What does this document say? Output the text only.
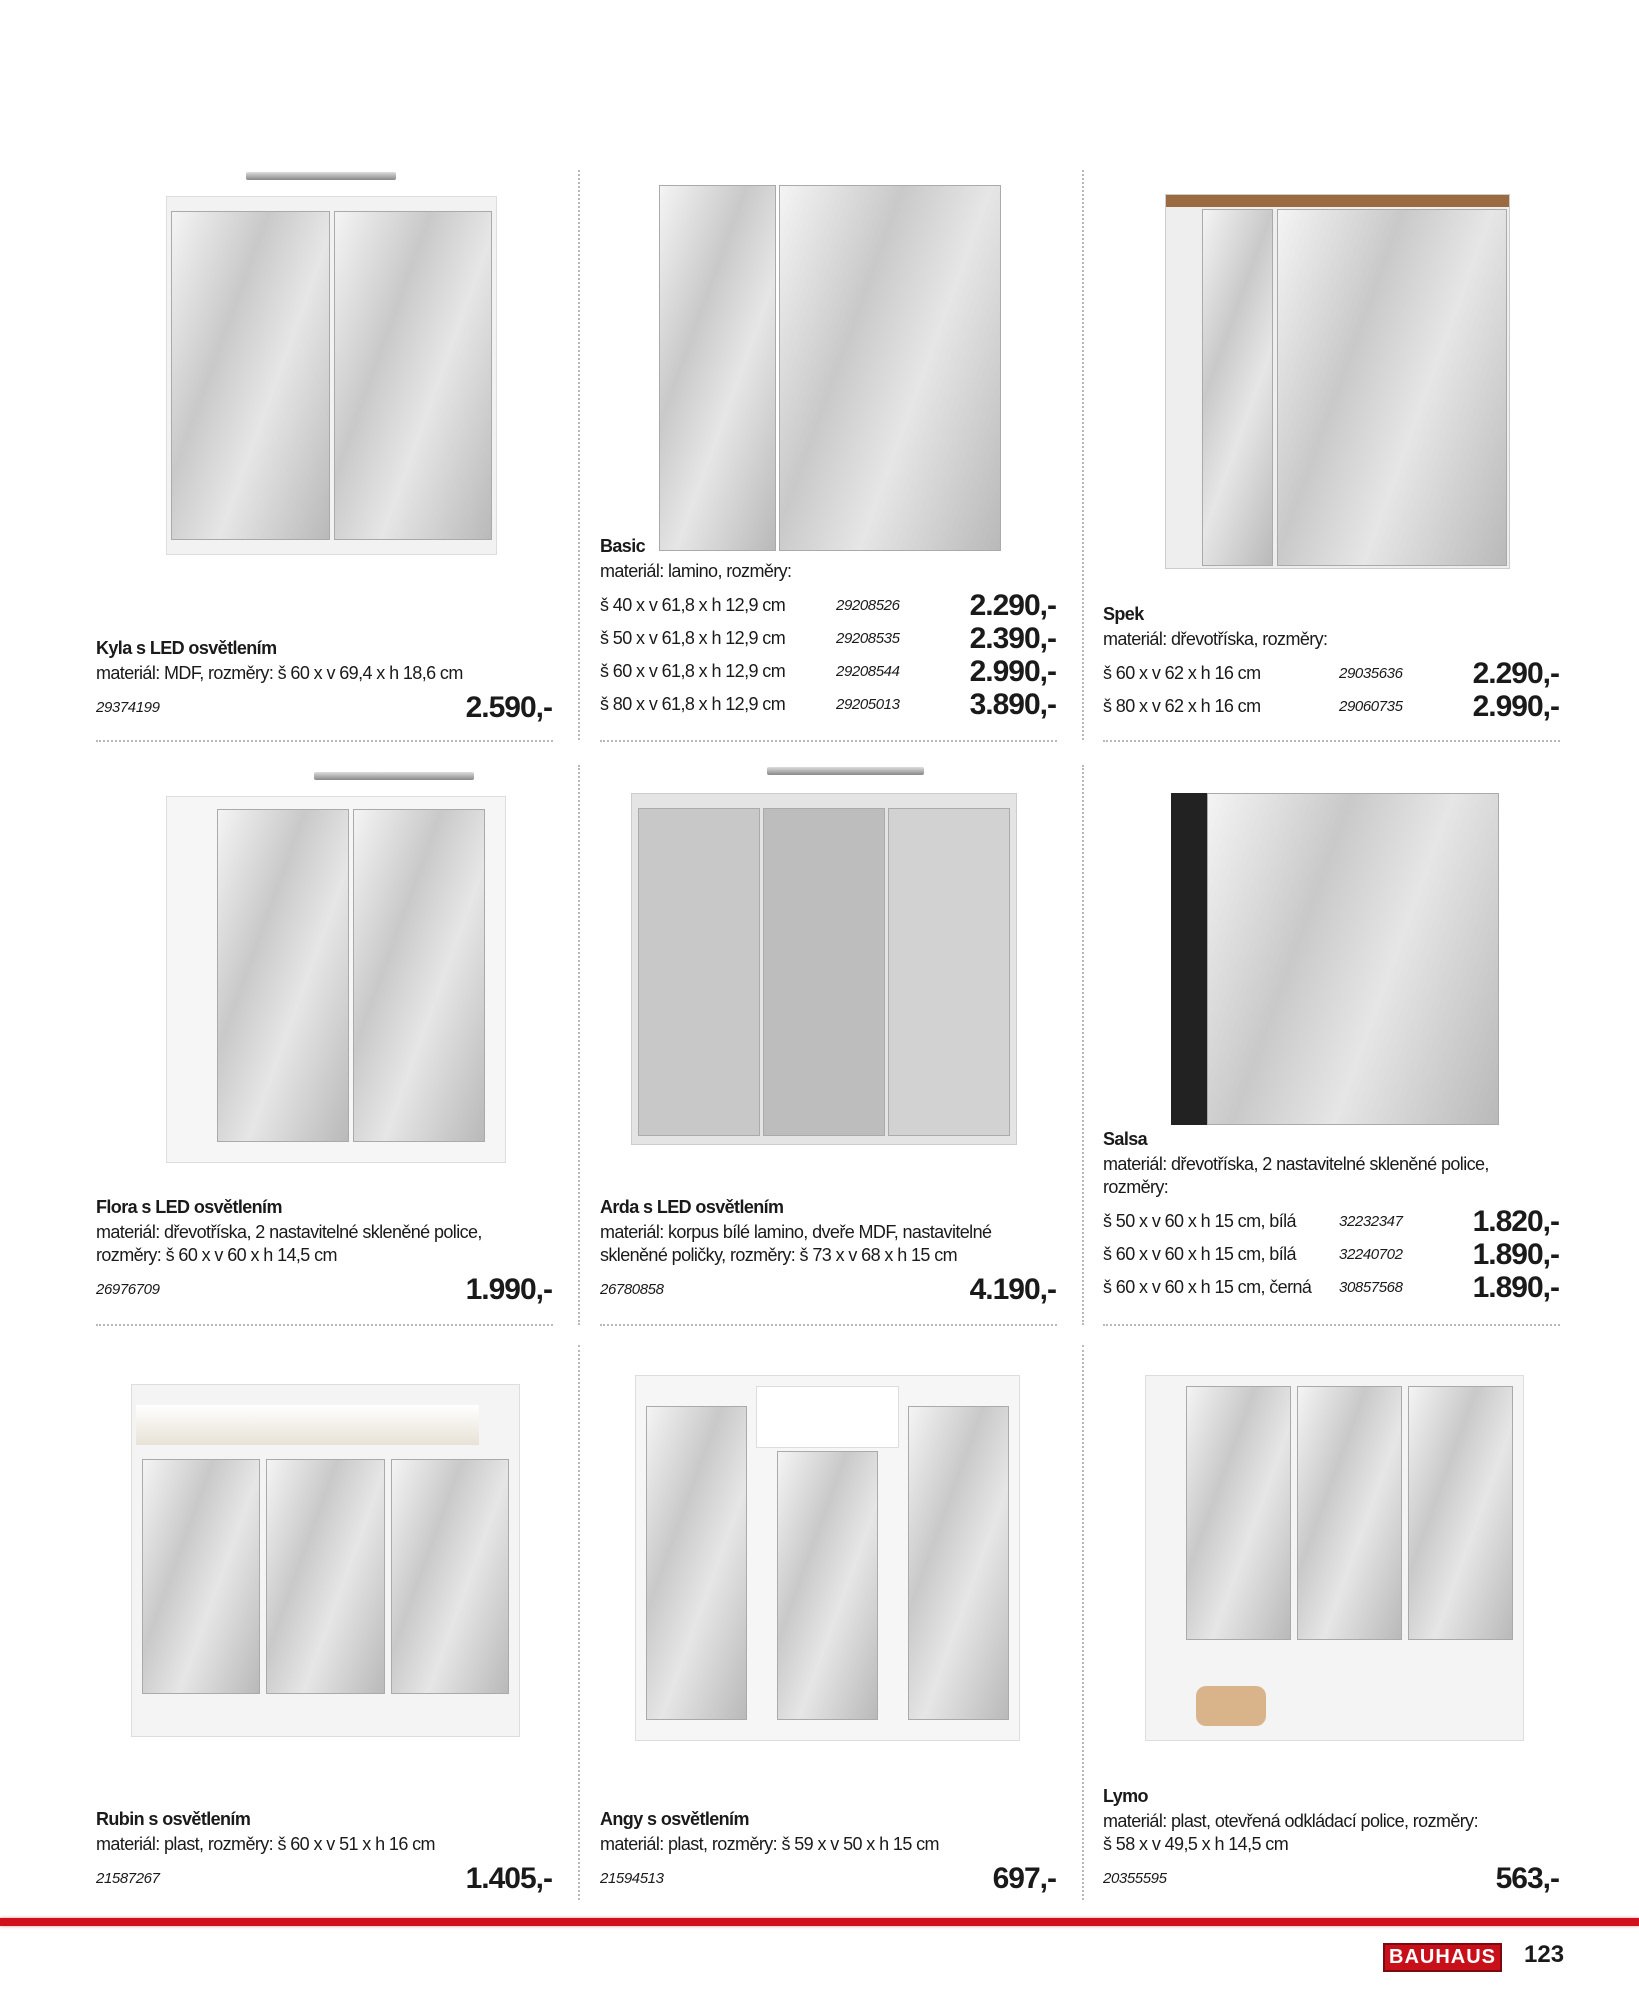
Kyla s LED osvětlením
materiál: MDF, rozměry: š 60 x v 69,4 x h 18,6 cm
29374199	2.590,-
Basic
materiál: lamino, rozměry:
š 40 x v 61,8 x h 12,9 cm	29208526	2.290,-
š 50 x v 61,8 x h 12,9 cm	29208535	2.390,-
š 60 x v 61,8 x h 12,9 cm	29208544	2.990,-
š 80 x v 61,8 x h 12,9 cm	29205013	3.890,-
Spek
materiál: dřevotříska, rozměry:
š 60 x v 62 x h 16 cm	29035636	2.290,-
š 80 x v 62 x h 16 cm	29060735	2.990,-
Flora s LED osvětlením
materiál: dřevotříska, 2 nastavitelné skleněné police,
rozměry: š 60 x v 60 x h 14,5 cm
26976709	1.990,-
Arda s LED osvětlením
materiál: korpus bílé lamino, dveře MDF, nastavitelné
skleněné poličky, rozměry: š 73 x v 68 x h 15 cm
26780858	4.190,-
Salsa
materiál: dřevotříska, 2 nastavitelné skleněné police,
rozměry:
š 50 x v 60 x h 15 cm, bílá	32232347	1.820,-
š 60 x v 60 x h 15 cm, bílá	32240702	1.890,-
š 60 x v 60 x h 15 cm, černá	30857568	1.890,-
Rubin s osvětlením
materiál: plast, rozměry: š 60 x v 51 x h 16 cm
21587267	1.405,-
Angy s osvětlením
materiál: plast, rozměry: š 59 x v 50 x h 15 cm
21594513	697,-
Lymo
materiál: plast, otevřená odkládací police, rozměry:
š 58 x v 49,5 x h 14,5 cm
20355595	563,-
BAUHAUS 123
